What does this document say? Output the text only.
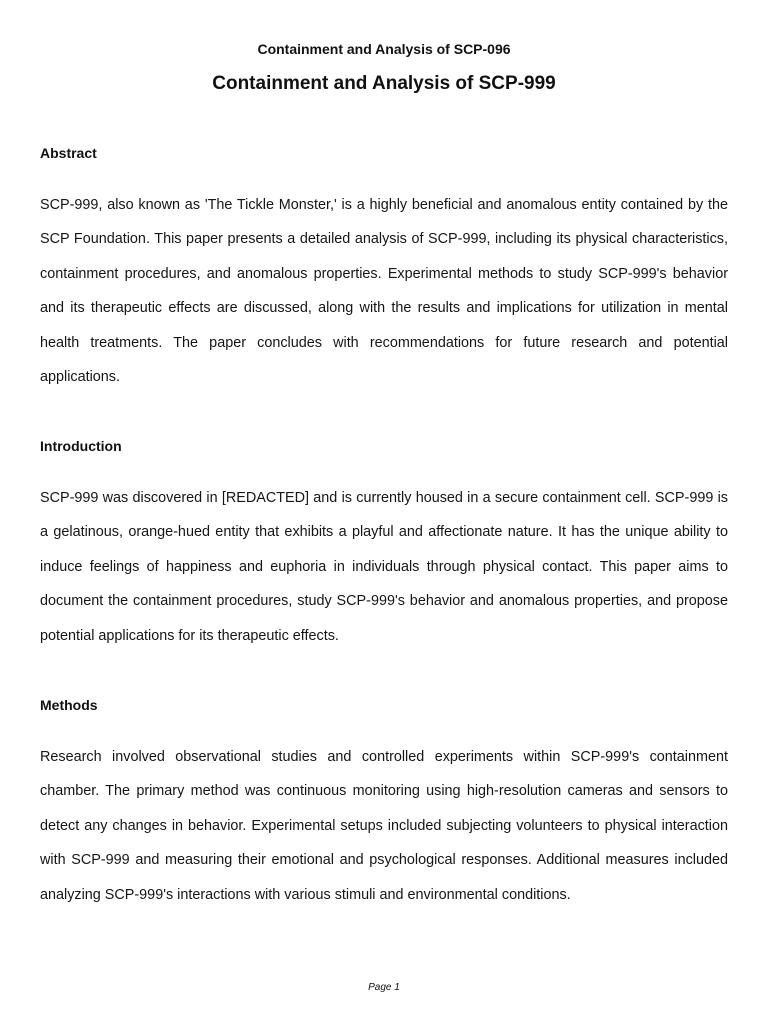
Containment and Analysis of SCP-096

Containment and Analysis of SCP-999
Abstract

SCP-999, also known as 'The Tickle Monster,' is a highly beneficial and anomalous entity contained by the SCP Foundation. This paper presents a detailed analysis of SCP-999, including its physical characteristics, containment procedures, and anomalous properties. Experimental methods to study SCP-999's behavior and its therapeutic effects are discussed, along with the results and implications for utilization in mental health treatments. The paper concludes with recommendations for future research and potential applications.

Introduction

SCP-999 was discovered in [REDACTED] and is currently housed in a secure containment cell. SCP-999 is a gelatinous, orange-hued entity that exhibits a playful and affectionate nature. It has the unique ability to induce feelings of happiness and euphoria in individuals through physical contact. This paper aims to document the containment procedures, study SCP-999's behavior and anomalous properties, and propose potential applications for its therapeutic effects.

Methods

Research involved observational studies and controlled experiments within SCP-999's containment chamber. The primary method was continuous monitoring using high-resolution cameras and sensors to detect any changes in behavior. Experimental setups included subjecting volunteers to physical interaction with SCP-999 and measuring their emotional and psychological responses. Additional measures included analyzing SCP-999's interactions with various stimuli and environmental conditions.

Page 1
